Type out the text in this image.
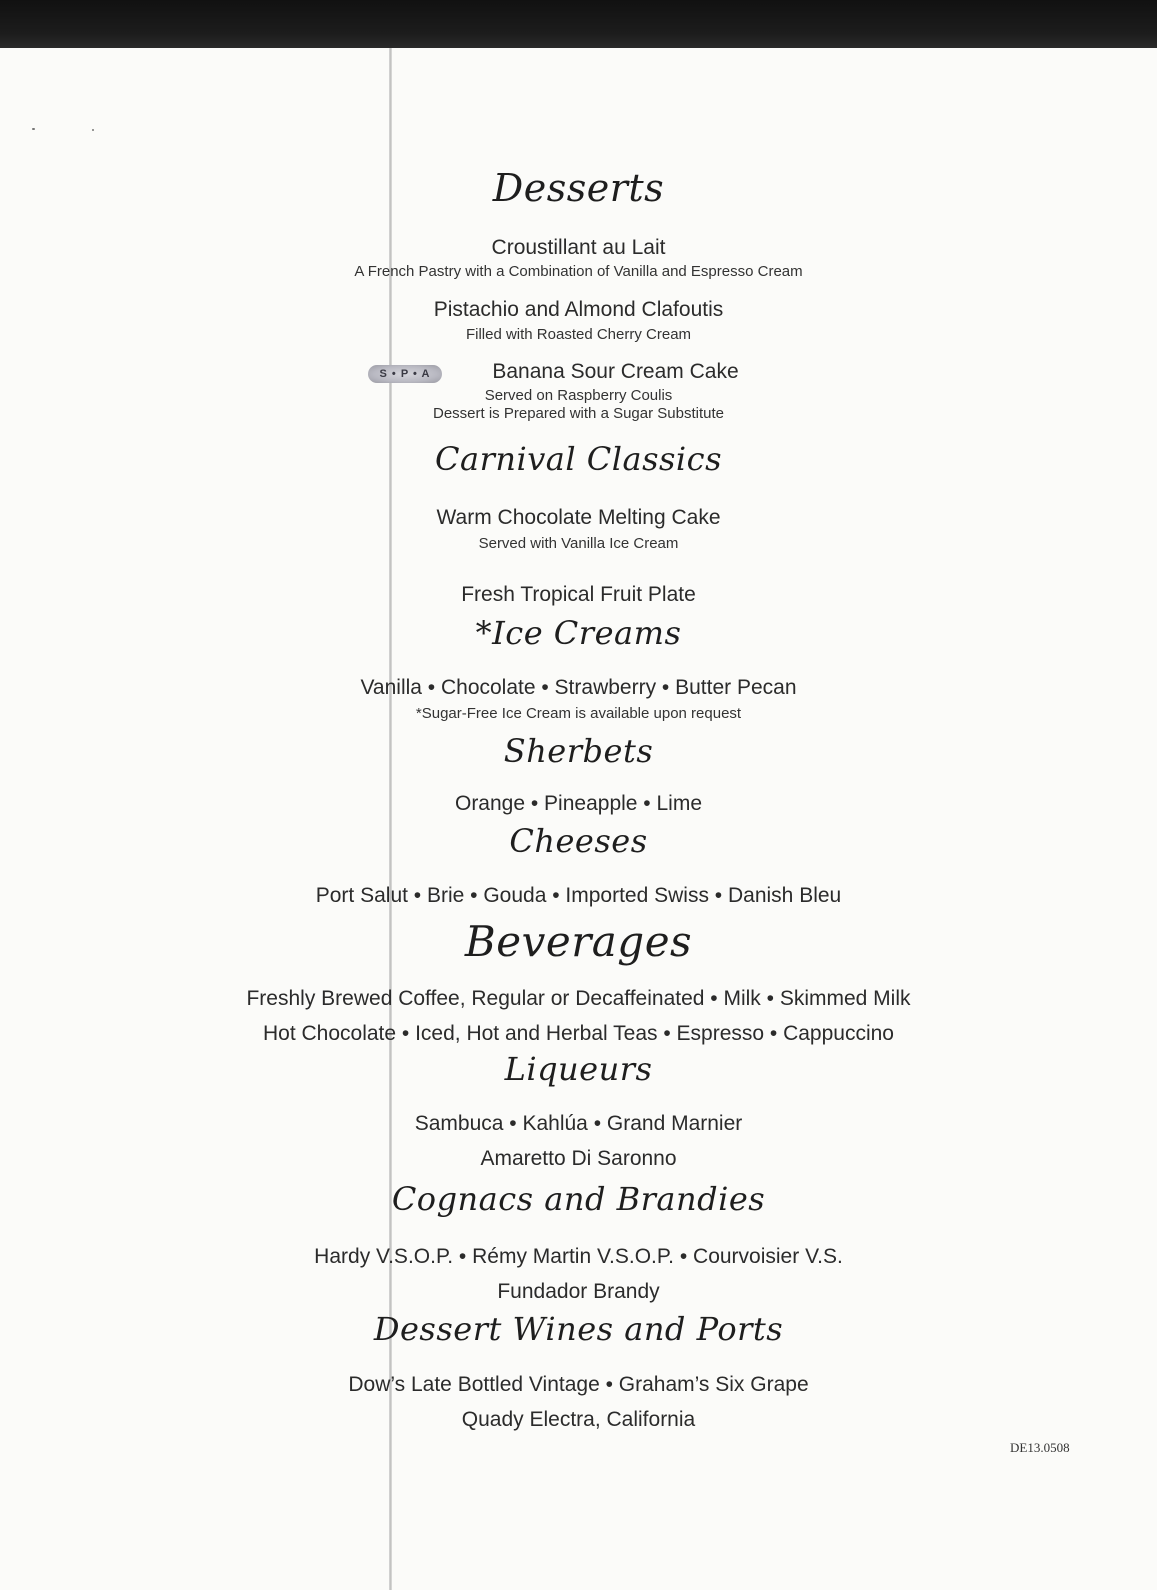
Desserts
Croustillant au Lait
A French Pastry with a Combination of Vanilla and Espresso Cream
Pistachio and Almond Clafoutis
Filled with Roasted Cherry Cream
S • P • A	Banana Sour Cream Cake
Served on Raspberry Coulis
Dessert is Prepared with a Sugar Substitute
Carnival Classics
Warm Chocolate Melting Cake
Served with Vanilla Ice Cream
Fresh Tropical Fruit Plate
*Ice Creams
Vanilla • Chocolate • Strawberry • Butter Pecan
*Sugar-Free Ice Cream is available upon request
Sherbets
Orange • Pineapple • Lime
Cheeses
Port Salut • Brie • Gouda • Imported Swiss • Danish Bleu
Beverages
Freshly Brewed Coffee, Regular or Decaffeinated • Milk • Skimmed Milk
Hot Chocolate • Iced, Hot and Herbal Teas • Espresso • Cappuccino
Liqueurs
Sambuca • Kahlúa • Grand Marnier
Amaretto Di Saronno
Cognacs and Brandies
Hardy V.S.O.P. • Rémy Martin V.S.O.P. • Courvoisier V.S.
Fundador Brandy
Dessert Wines and Ports
Dow’s Late Bottled Vintage • Graham’s Six Grape
Quady Electra, California
DE13.0508
